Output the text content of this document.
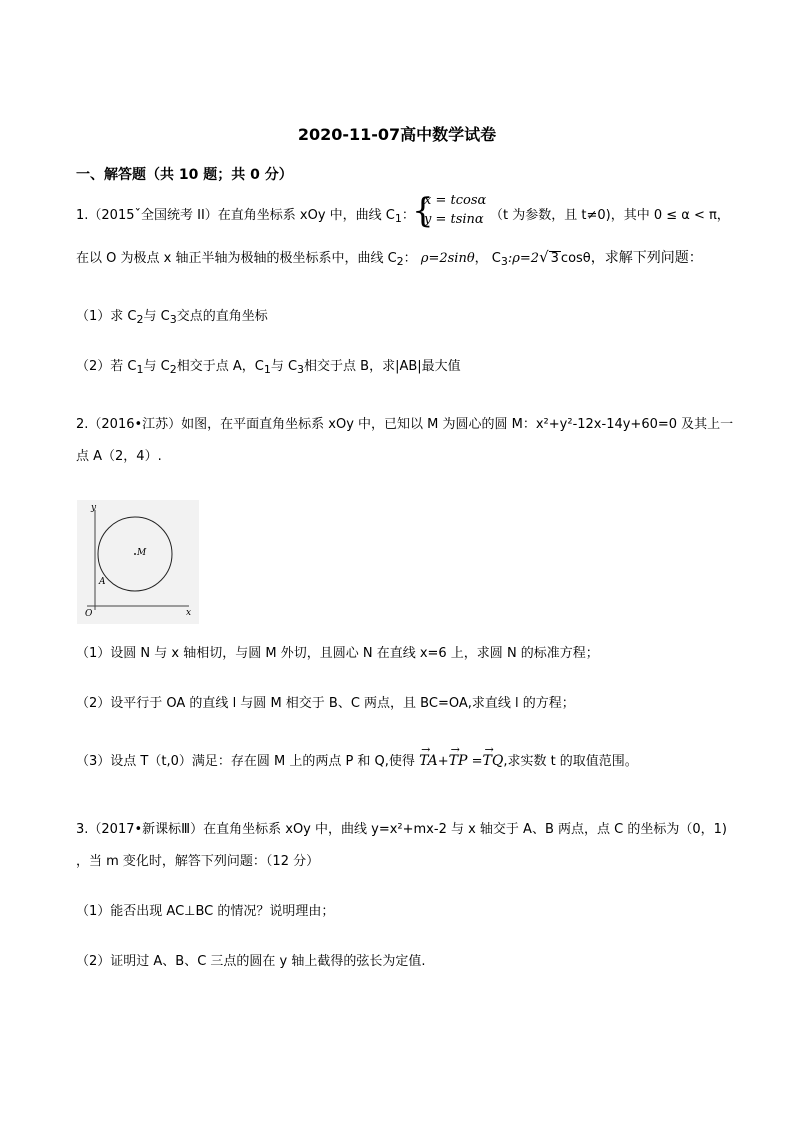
2020-11-07高中数学试卷
一、解答题（共 10 题；共 0 分）
1.（2015ˇ全国统考 II）在直角坐标系 xOy 中，曲线 $C_1$：
{
x = tcosα
y = tsinα （t 为参数，且 t≠0)，其中 0 ≤ α < π，
在以 O 为极点 x 轴正半轴为极轴的极坐标系中，曲线 $C_2$： ρ=2sinθ， $C_3:\rho=2√$ 3 cosθ，求解下列问题：
（1）求 $C_2$与 $C_3$交点的直角坐标
（2）若 $C_1$与 $C_2$相交于点 A，$C_1$与 $C_3$相交于点 B，求|AB|最大值
2.（2016•江苏）如图，在平面直角坐标系 xOy 中，已知以 M 为圆心的圆 M：x²+y²-12x-14y+60=0 及其上一
点 A（2，4）.
y
x
O
M
A
（1）设圆 N 与 x 轴相切，与圆 M 外切，且圆心 N 在直线 x=6 上，求圆 N 的标准方程；
（2）设平行于 OA 的直线 l 与圆 M 相交于 B、C 两点，且 BC=OA,求直线 l 的方程；
（3）设点 T（t,0）满足：存在圆 M 上的两点 P 和 Q,使得 → TA+→ TP =→ TQ,求实数 t 的取值范围。
3.（2017•新课标Ⅲ）在直角坐标系 xOy 中，曲线 y=x²+mx-2 与 x 轴交于 A、B 两点，点 C 的坐标为（0，1)
，当 m 变化时，解答下列问题：（12 分）
（1）能否出现 AC⊥BC 的情况？说明理由；
（2）证明过 A、B、C 三点的圆在 y 轴上截得的弦长为定值.
